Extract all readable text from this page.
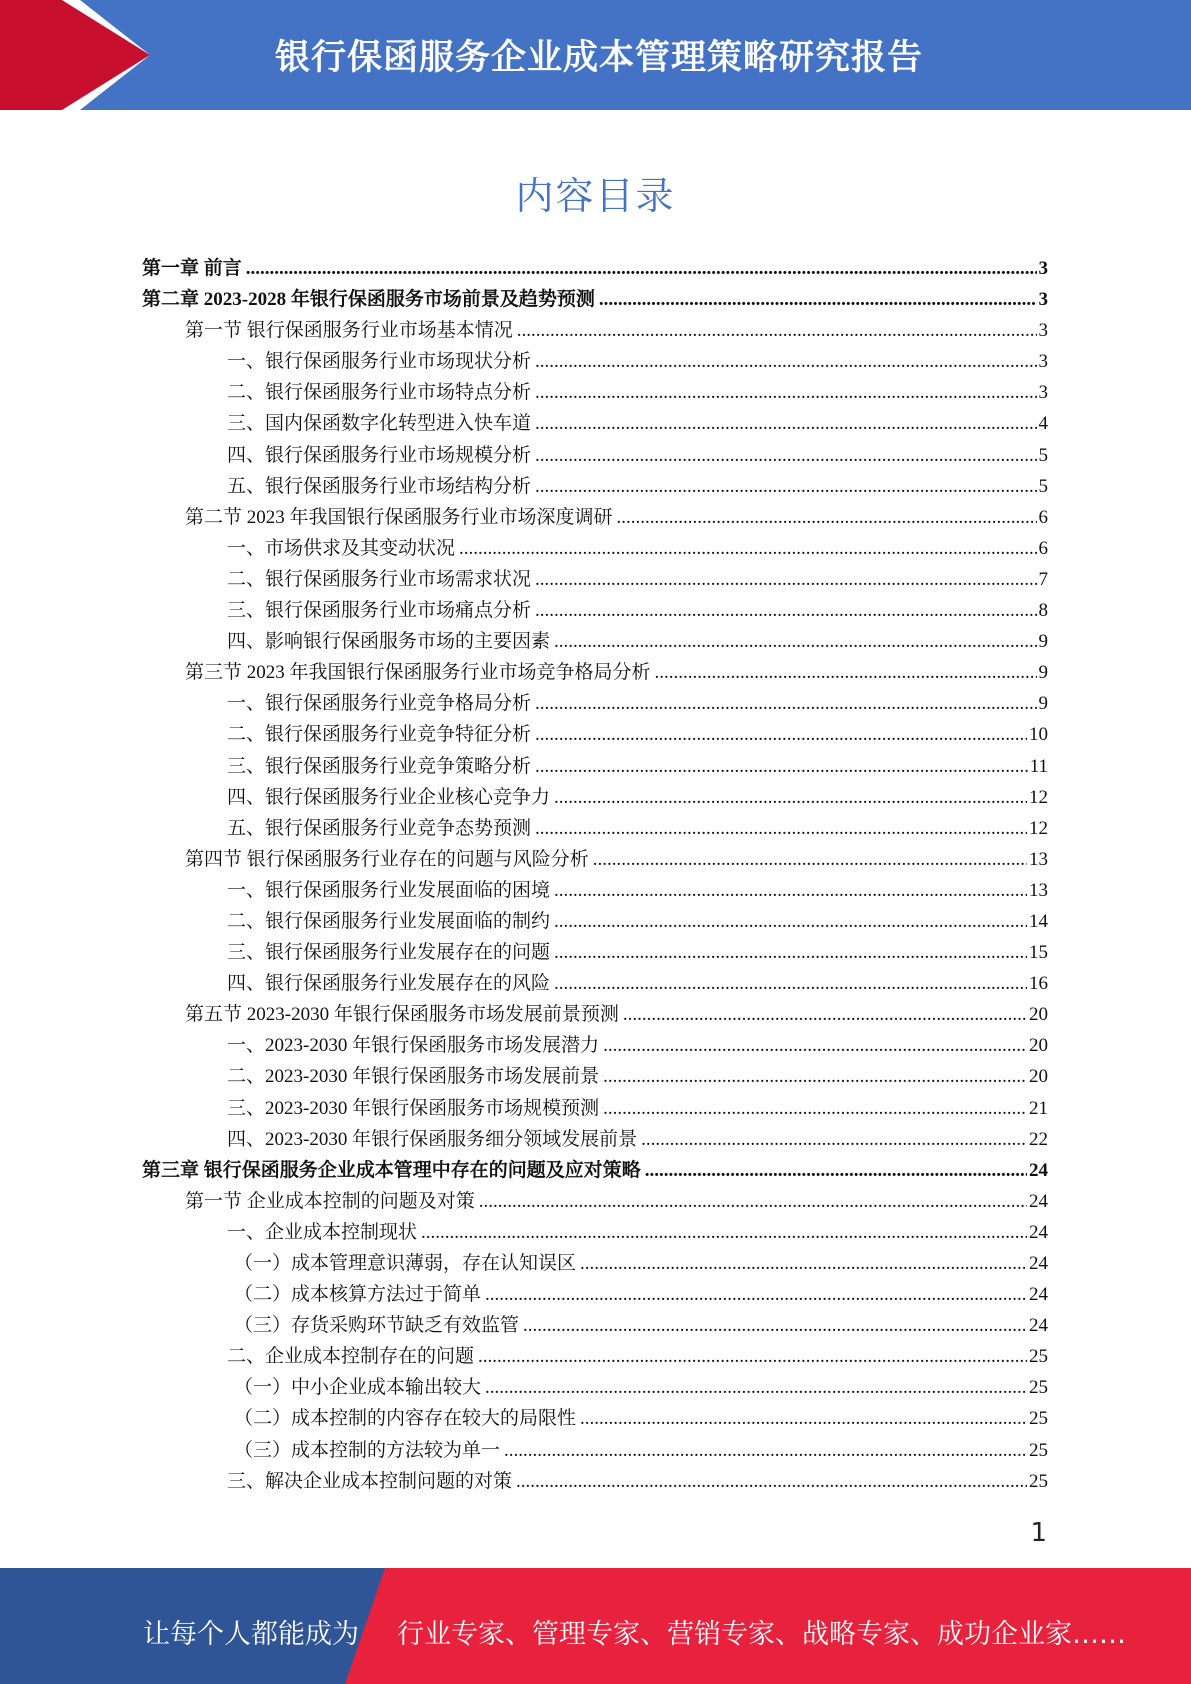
银行保函服务企业成本管理策略研究报告
内容目录
第一章 前言 .....	3
第二章 2023-2028 年银行保函服务市场前景及趋势预测 .....	3
第一节 银行保函服务行业市场基本情况 .....	3
一、银行保函服务行业市场现状分析 .....	3
二、银行保函服务行业市场特点分析 .....	3
三、国内保函数字化转型进入快车道 .....	4
四、银行保函服务行业市场规模分析 .....	5
五、银行保函服务行业市场结构分析 .....	5
第二节 2023 年我国银行保函服务行业市场深度调研 .....	6
一、市场供求及其变动状况 .....	6
二、银行保函服务行业市场需求状况 .....	7
三、银行保函服务行业市场痛点分析 .....	8
四、影响银行保函服务市场的主要因素 .....	9
第三节 2023 年我国银行保函服务行业市场竞争格局分析 .....	9
一、银行保函服务行业竞争格局分析 .....	9
二、银行保函服务行业竞争特征分析 .....	10
三、银行保函服务行业竞争策略分析 .....	11
四、银行保函服务行业企业核心竞争力 .....	12
五、银行保函服务行业竞争态势预测 .....	12
第四节 银行保函服务行业存在的问题与风险分析 .....	13
一、银行保函服务行业发展面临的困境 .....	13
二、银行保函服务行业发展面临的制约 .....	14
三、银行保函服务行业发展存在的问题 .....	15
四、银行保函服务行业发展存在的风险 .....	16
第五节 2023-2030 年银行保函服务市场发展前景预测 .....	20
一、2023-2030 年银行保函服务市场发展潜力 .....	20
二、2023-2030 年银行保函服务市场发展前景 .....	20
三、2023-2030 年银行保函服务市场规模预测 .....	21
四、2023-2030 年银行保函服务细分领域发展前景 .....	22
第三章 银行保函服务企业成本管理中存在的问题及应对策略 .....	24
第一节 企业成本控制的问题及对策 .....	24
一、企业成本控制现状 .....	24
（一）成本管理意识薄弱，存在认知误区 .....	24
（二）成本核算方法过于简单 .....	24
（三）存货采购环节缺乏有效监管 .....	24
二、企业成本控制存在的问题 .....	25
（一）中小企业成本输出较大 .....	25
（二）成本控制的内容存在较大的局限性 .....	25
（三）成本控制的方法较为单一 .....	25
三、解决企业成本控制问题的对策 .....	25
1
让每个人都能成为 行业专家、管理专家、营销专家、战略专家、成功企业家……
